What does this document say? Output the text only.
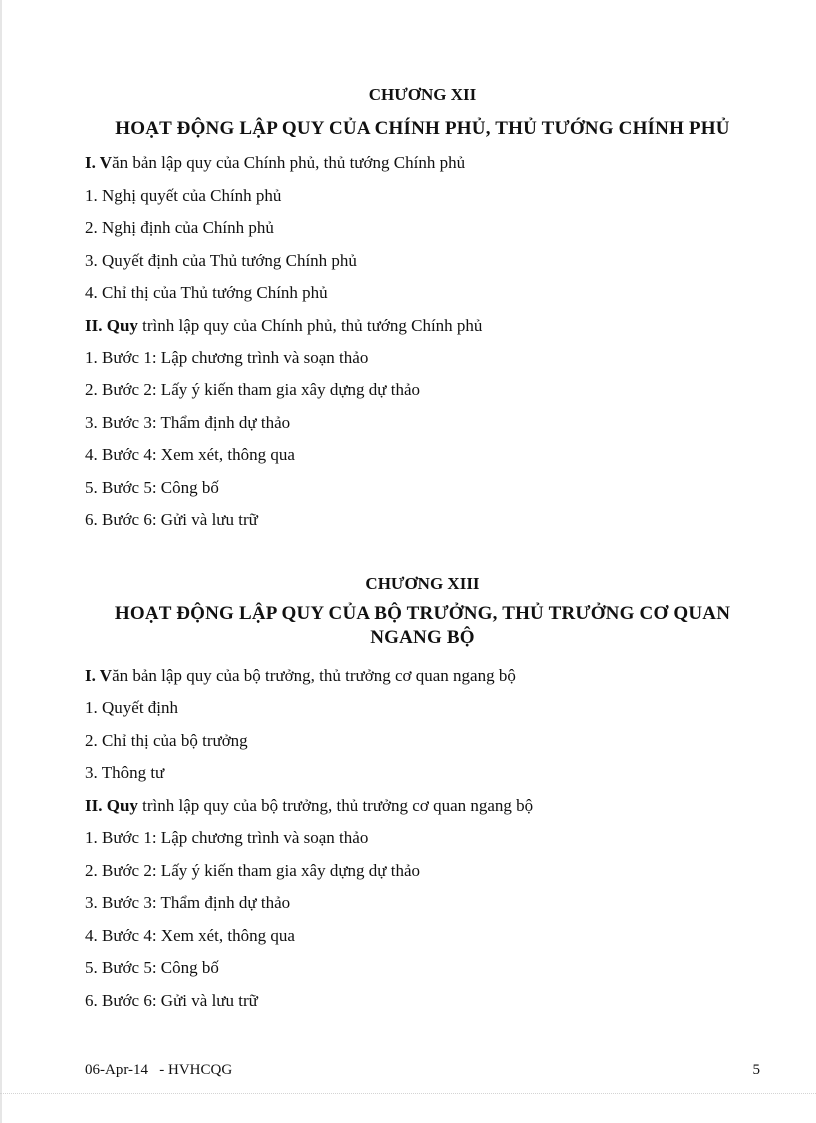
CHƯƠNG XII
HOẠT ĐỘNG LẬP QUY CỦA CHÍNH PHỦ, THỦ TƯỚNG CHÍNH PHỦ
I. Văn bản lập quy của Chính phủ, thủ tướng Chính phủ
1. Nghị quyết của Chính phủ
2. Nghị định của Chính phủ
3. Quyết định của Thủ tướng Chính phủ
4. Chỉ thị của Thủ tướng Chính phủ
II. Quy trình lập quy của Chính phủ, thủ tướng Chính phủ
1. Bước 1: Lập chương trình và soạn thảo
2. Bước 2: Lấy ý kiến tham gia xây dựng dự thảo
3. Bước 3: Thẩm định dự thảo
4. Bước 4: Xem xét, thông qua
5. Bước 5: Công bố
6. Bước 6: Gửi và lưu trữ
CHƯƠNG XIII
HOẠT ĐỘNG LẬP QUY CỦA BỘ TRƯỞNG, THỦ TRƯỞNG CƠ QUAN
NGANG BỘ
I. Văn bản lập quy của bộ trưởng, thủ trưởng cơ quan ngang bộ
1. Quyết định
2. Chỉ thị của bộ trưởng
3. Thông tư
II. Quy trình lập quy của bộ trưởng, thủ trưởng cơ quan ngang bộ
1. Bước 1: Lập chương trình và soạn thảo
2. Bước 2: Lấy ý kiến tham gia xây dựng dự thảo
3. Bước 3: Thẩm định dự thảo
4. Bước 4: Xem xét, thông qua
5. Bước 5: Công bố
6. Bước 6: Gửi và lưu trữ
06-Apr-14   - HVHCQG	5
